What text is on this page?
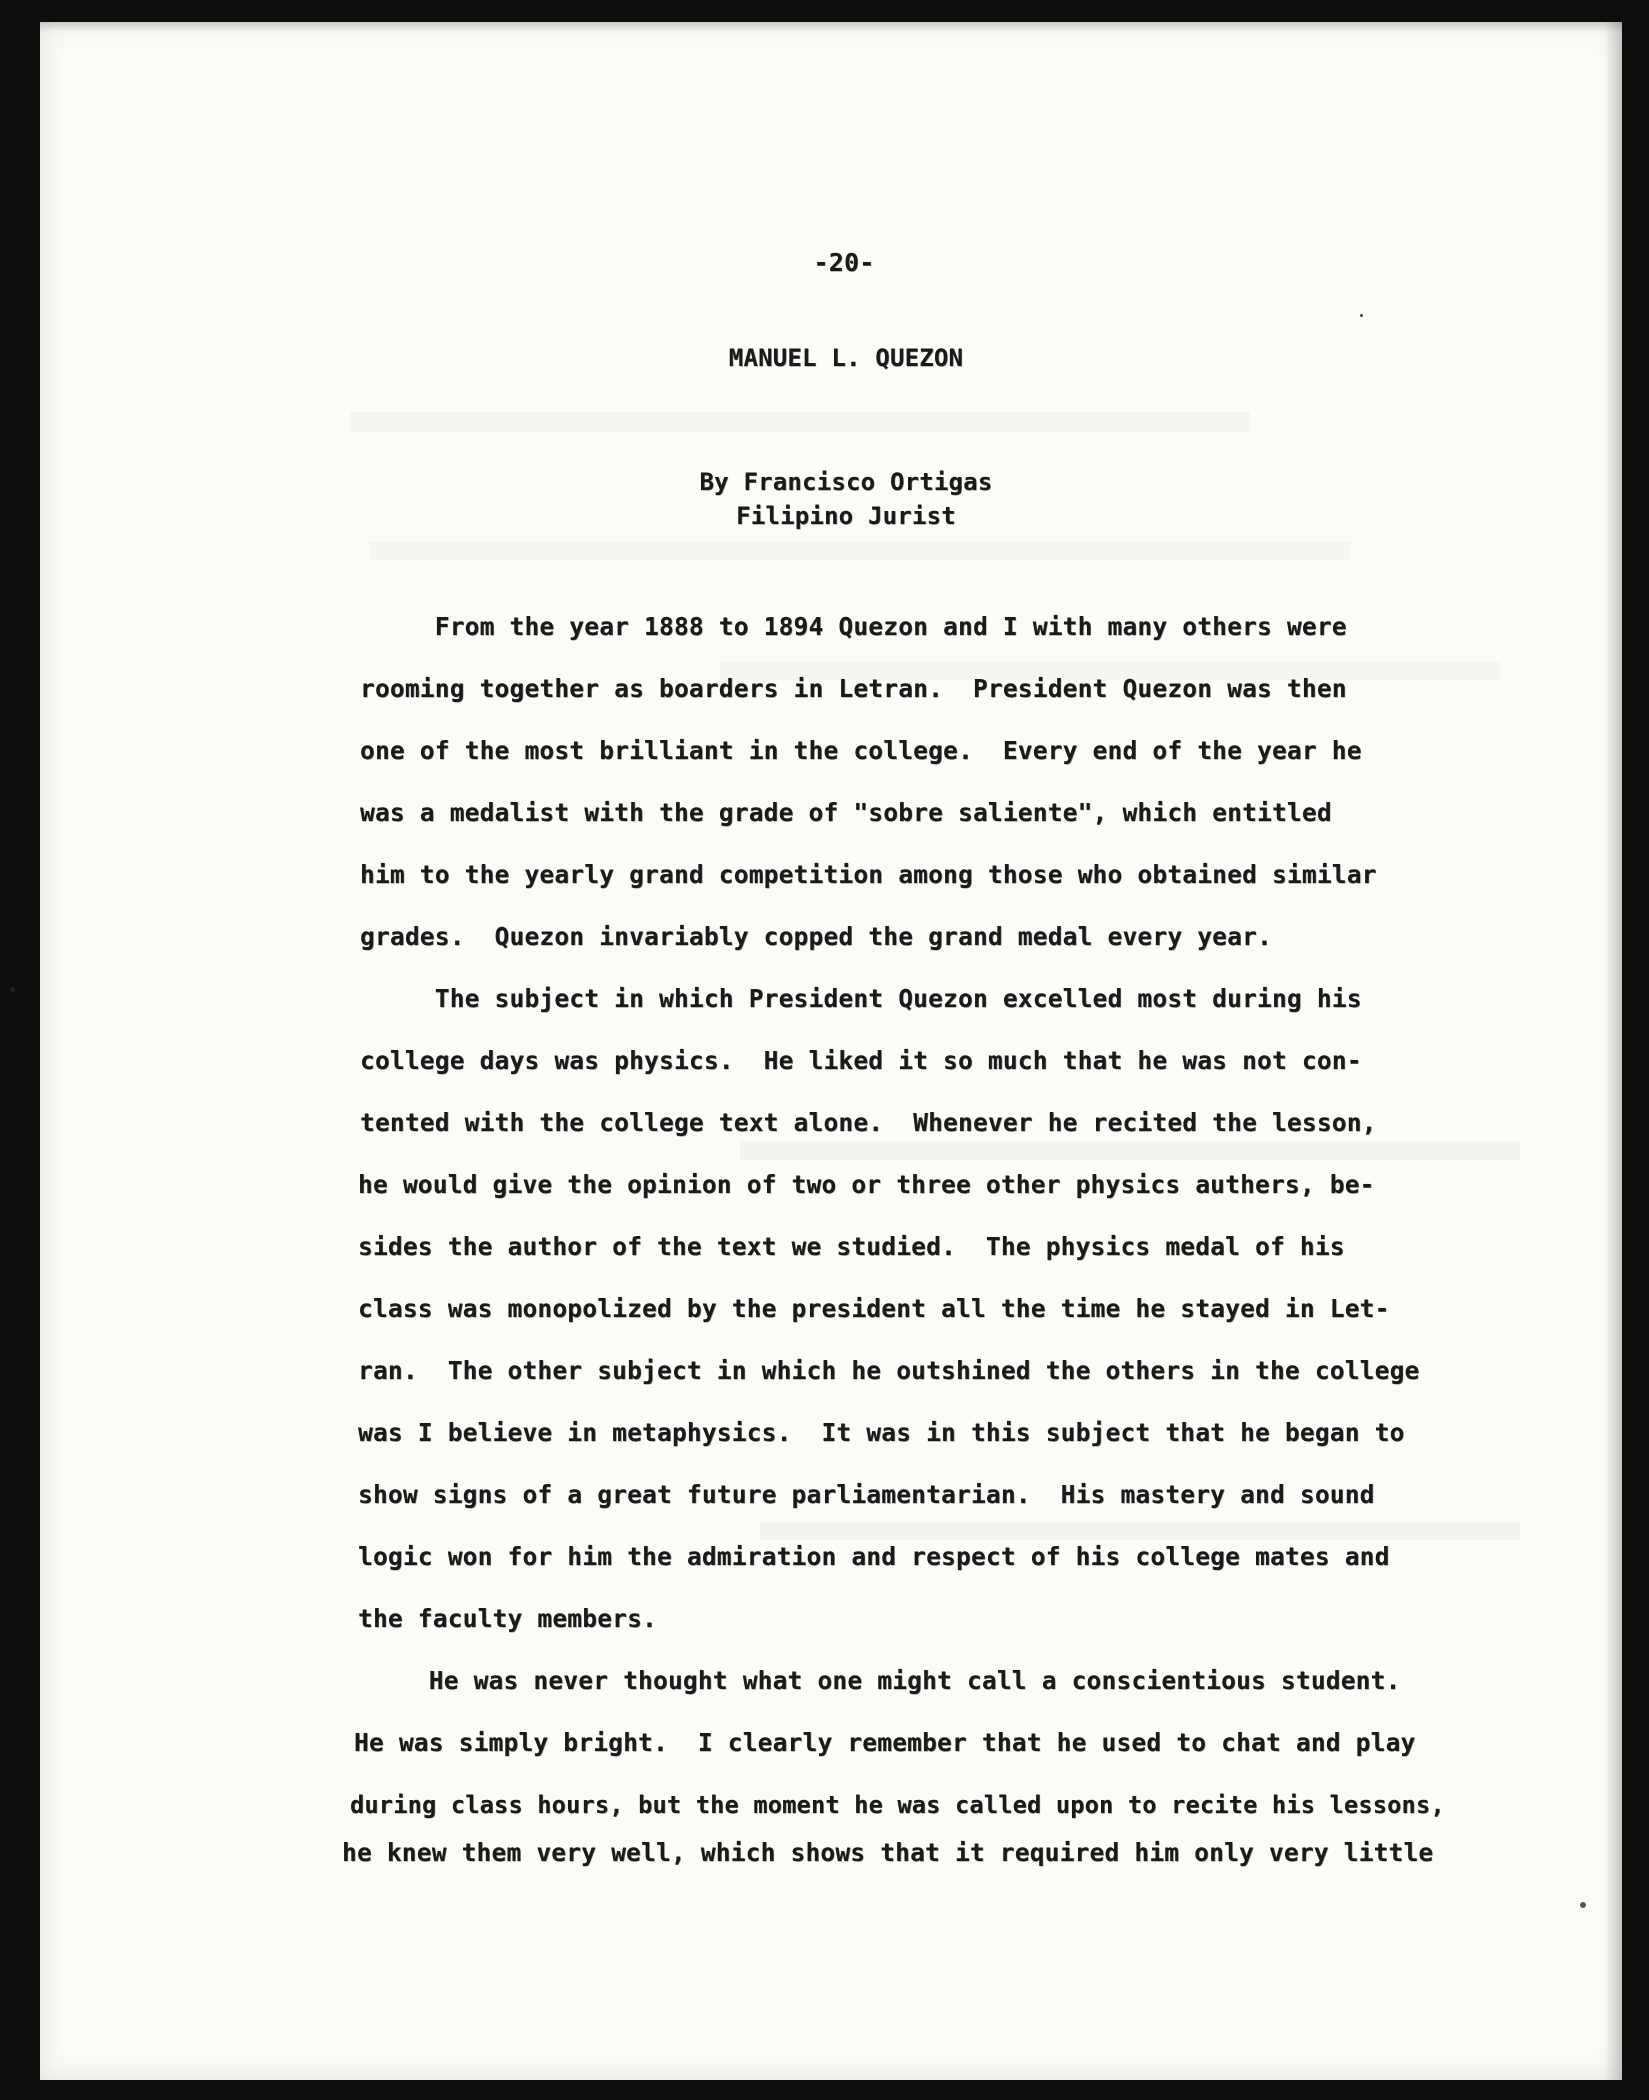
-20-
MANUEL L. QUEZON
By Francisco Ortigas
Filipino Jurist
From the year 1888 to 1894 Quezon and I with many others were
rooming together as boarders in Letran.  President Quezon was then
one of the most brilliant in the college.  Every end of the year he
was a medalist with the grade of "sobre saliente", which entitled
him to the yearly grand competition among those who obtained similar
grades.  Quezon invariably copped the grand medal every year.
The subject in which President Quezon excelled most during his
college days was physics.  He liked it so much that he was not con-
tented with the college text alone.  Whenever he recited the lesson,
he would give the opinion of two or three other physics authers, be-
sides the author of the text we studied.  The physics medal of his
class was monopolized by the president all the time he stayed in Let-
ran.  The other subject in which he outshined the others in the college
was I believe in metaphysics.  It was in this subject that he began to
show signs of a great future parliamentarian.  His mastery and sound
logic won for him the admiration and respect of his college mates and
the faculty members.
He was never thought what one might call a conscientious student.
He was simply bright.  I clearly remember that he used to chat and play
during class hours, but the moment he was called upon to recite his lessons,
he knew them very well, which shows that it required him only very little
